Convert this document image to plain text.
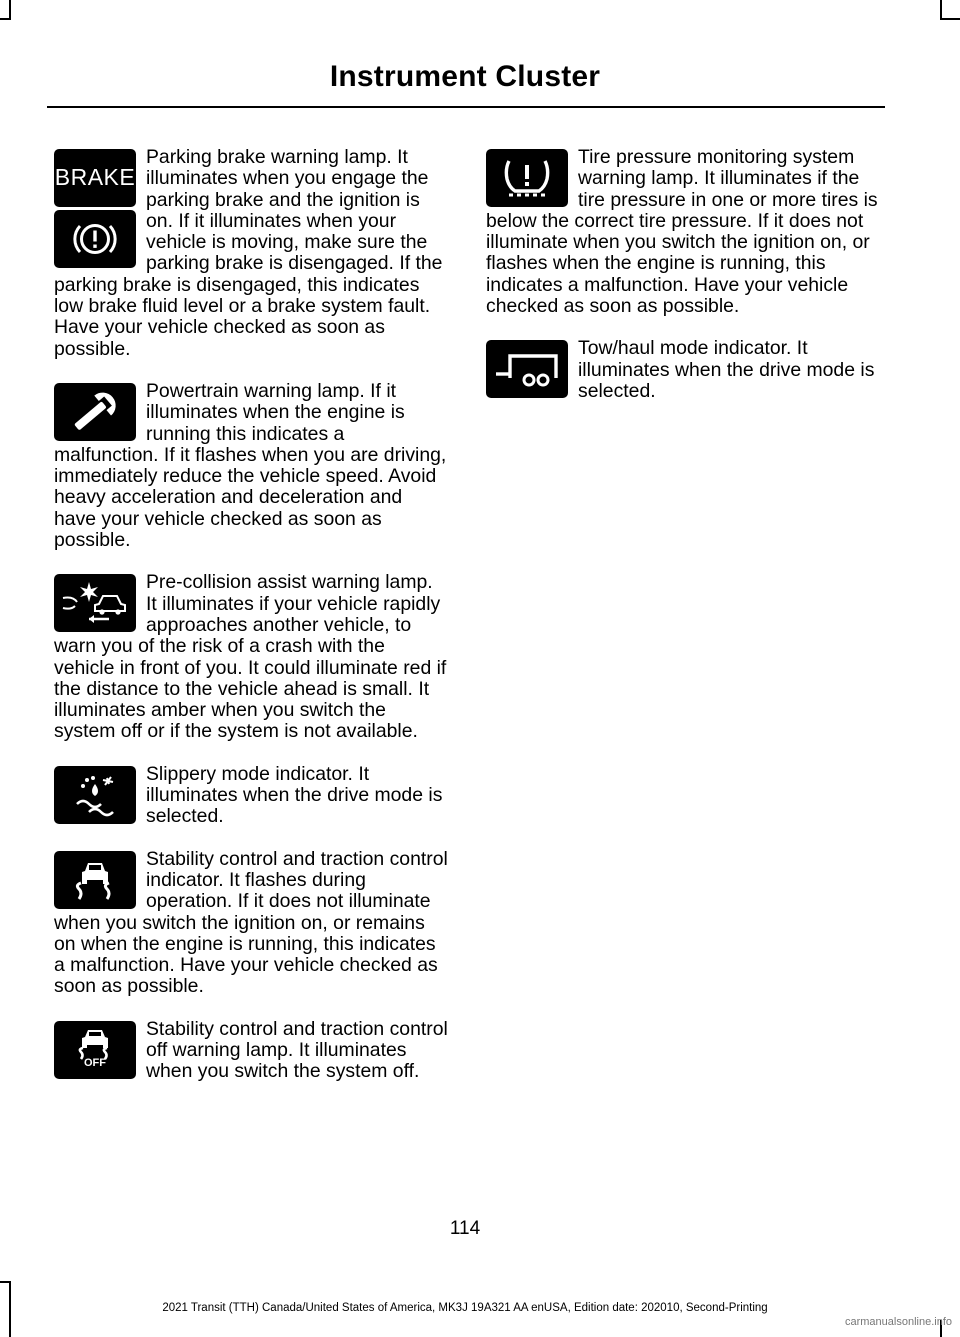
Instrument Cluster
BRAKE
Parking brake warning lamp. It illuminates when you engage the parking brake and the ignition is on. If it illuminates when your vehicle is moving, make sure the parking brake is disengaged. If the parking brake is disengaged, this indicates low brake fluid level or a brake system fault. Have your vehicle checked as soon as possible.
Powertrain warning lamp. If it illuminates when the engine is running this indicates a malfunction. If it flashes when you are driving, immediately reduce the vehicle speed. Avoid heavy acceleration and deceleration and have your vehicle checked as soon as possible.
Pre-collision assist warning lamp. It illuminates if your vehicle rapidly approaches another vehicle, to warn you of the risk of a crash with the vehicle in front of you. It could illuminate red if the distance to the vehicle ahead is small. It illuminates amber when you switch the system off or if the system is not available.
Slippery mode indicator. It illuminates when the drive mode is selected.
Stability control and traction control indicator. It flashes during operation. If it does not illuminate when you switch the ignition on, or remains on when the engine is running, this indicates a malfunction. Have your vehicle checked as soon as possible.
OFF
Stability control and traction control off warning lamp. It illuminates when you switch the system off.
Tire pressure monitoring system warning lamp. It illuminates if the tire pressure in one or more tires is below the correct tire pressure. If it does not illuminate when you switch the ignition on, or flashes when the engine is running, this indicates a malfunction. Have your vehicle checked as soon as possible.
Tow/haul mode indicator. It illuminates when the drive mode is selected.
114
2021 Transit (TTH) Canada/United States of America, MK3J 19A321 AA enUSA, Edition date: 202010, Second-Printing
carmanualsonline.info
